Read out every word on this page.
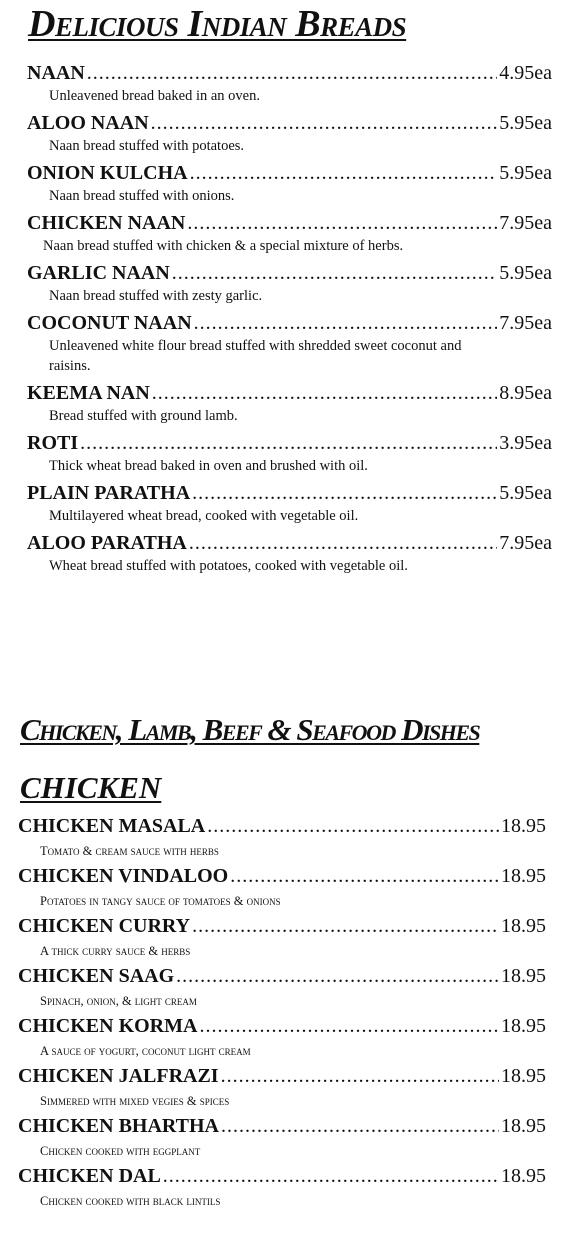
Delicious Indian Breads
NAAN .....	4.95ea
Unleavened bread baked in an oven.
ALOO NAAN .....	5.95ea
Naan bread stuffed with potatoes.
ONION KULCHA .....	5.95ea
Naan bread stuffed with onions.
CHICKEN NAAN .....	7.95ea
Naan bread stuffed with chicken & a special mixture of herbs.
GARLIC NAAN .....	5.95ea
Naan bread stuffed with zesty garlic.
COCONUT NAAN .....	7.95ea
Unleavened white flour bread stuffed with shredded sweet coconut and raisins.
KEEMA NAN .....	8.95ea
Bread stuffed with ground lamb.
ROTI .....	3.95ea
Thick wheat bread baked in oven and brushed with oil.
PLAIN PARATHA .....	5.95ea
Multilayered wheat bread, cooked with vegetable oil.
ALOO PARATHA .....	7.95ea
Wheat bread stuffed with potatoes, cooked with vegetable oil.
Chicken, Lamb, Beef & Seafood Dishes
CHICKEN
CHICKEN MASALA .....	18.95
Tomato & cream sauce with herbs
CHICKEN VINDALOO .....	18.95
Potatoes in tangy sauce of tomatoes & onions
CHICKEN CURRY .....	18.95
A thick curry sauce & herbs
CHICKEN SAAG .....	18.95
Spinach, onion, & light cream
CHICKEN KORMA .....	18.95
A sauce of yogurt, coconut light cream
CHICKEN JALFRAZI .....	18.95
Simmered with mixed vegies & spices
CHICKEN BHARTHA .....	18.95
Chicken cooked with eggplant
CHICKEN DAL .....	18.95
Chicken cooked with black lintils
